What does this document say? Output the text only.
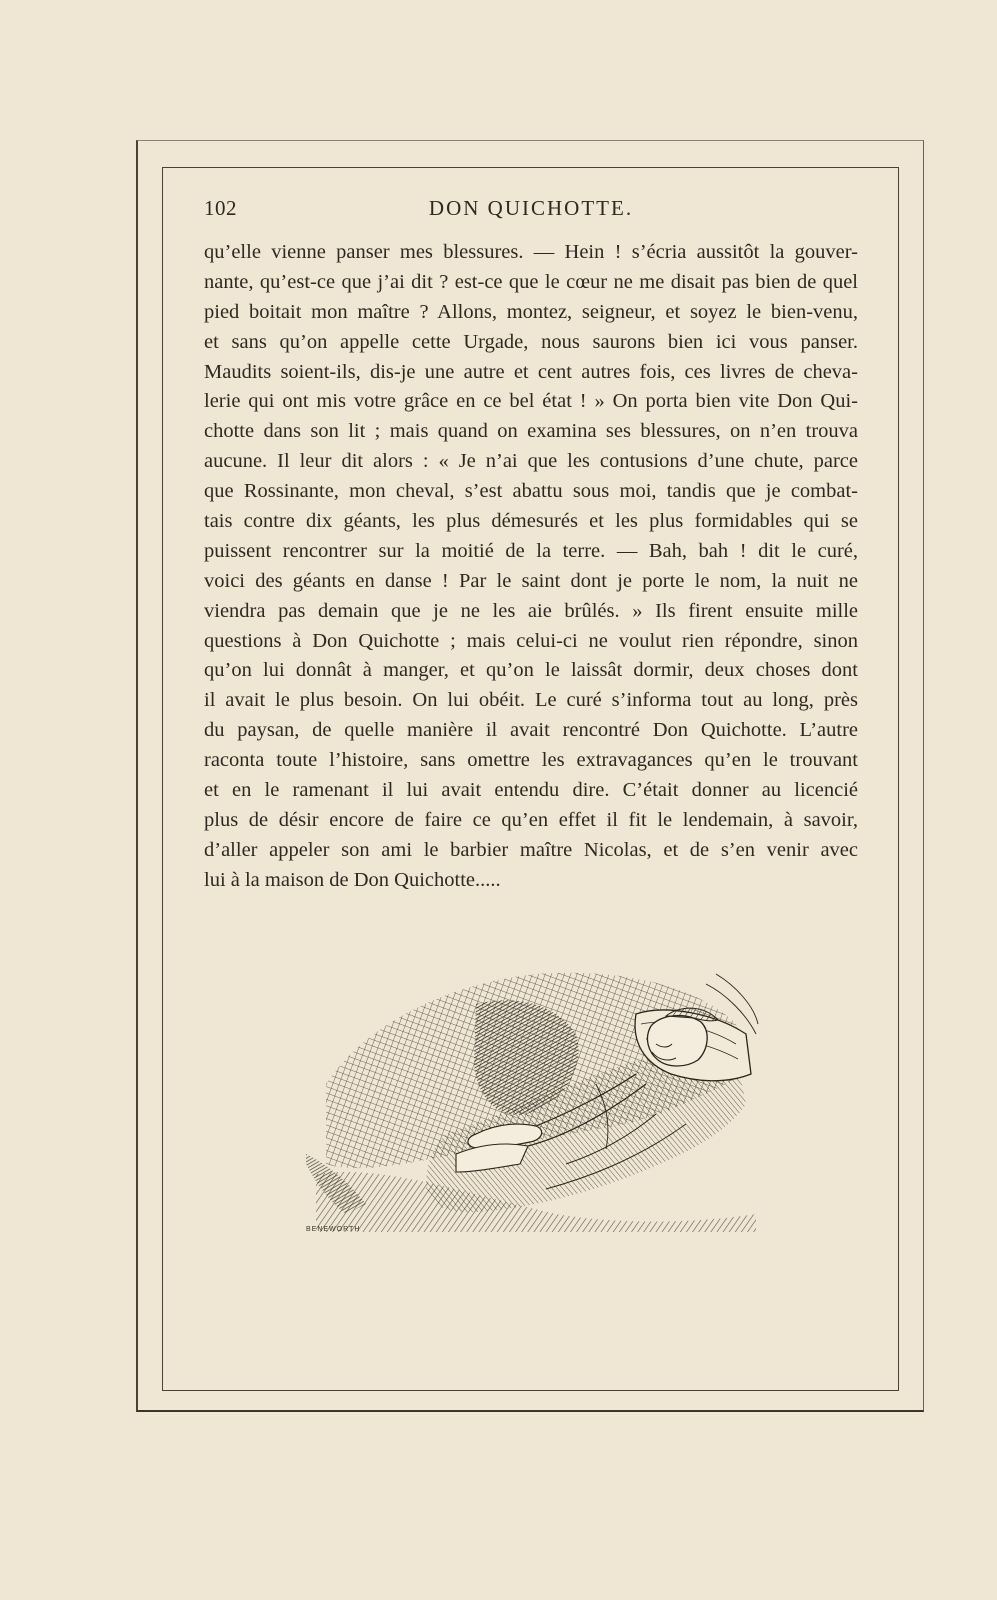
102	DON QUICHOTTE.
qu’elle vienne panser mes blessures. — Hein ! s’écria aussitôt la gouver-
nante, qu’est-ce que j’ai dit ? est-ce que le cœur ne me disait pas bien de quel
pied boitait mon maître ? Allons, montez, seigneur, et soyez le bien-venu,
et sans qu’on appelle cette Urgade, nous saurons bien ici vous panser.
Maudits soient-ils, dis-je une autre et cent autres fois, ces livres de cheva-
lerie qui ont mis votre grâce en ce bel état ! » On porta bien vite Don Qui-
chotte dans son lit ; mais quand on examina ses blessures, on n’en trouva
aucune. Il leur dit alors : « Je n’ai que les contusions d’une chute, parce
que Rossinante, mon cheval, s’est abattu sous moi, tandis que je combat-
tais contre dix géants, les plus démesurés et les plus formidables qui se
puissent rencontrer sur la moitié de la terre. — Bah, bah ! dit le curé,
voici des géants en danse ! Par le saint dont je porte le nom, la nuit ne
viendra pas demain que je ne les aie brûlés. » Ils firent ensuite mille
questions à Don Quichotte ; mais celui-ci ne voulut rien répondre, sinon
qu’on lui donnât à manger, et qu’on le laissât dormir, deux choses dont
il avait le plus besoin. On lui obéit. Le curé s’informa tout au long, près
du paysan, de quelle manière il avait rencontré Don Quichotte. L’autre
raconta toute l’histoire, sans omettre les extravagances qu’en le trouvant
et en le ramenant il lui avait entendu dire. C’était donner au licencié
plus de désir encore de faire ce qu’en effet il fit le lendemain, à savoir,
d’aller appeler son ami le barbier maître Nicolas, et de s’en venir avec
lui à la maison de Don Quichotte.....
BENEWORTH
